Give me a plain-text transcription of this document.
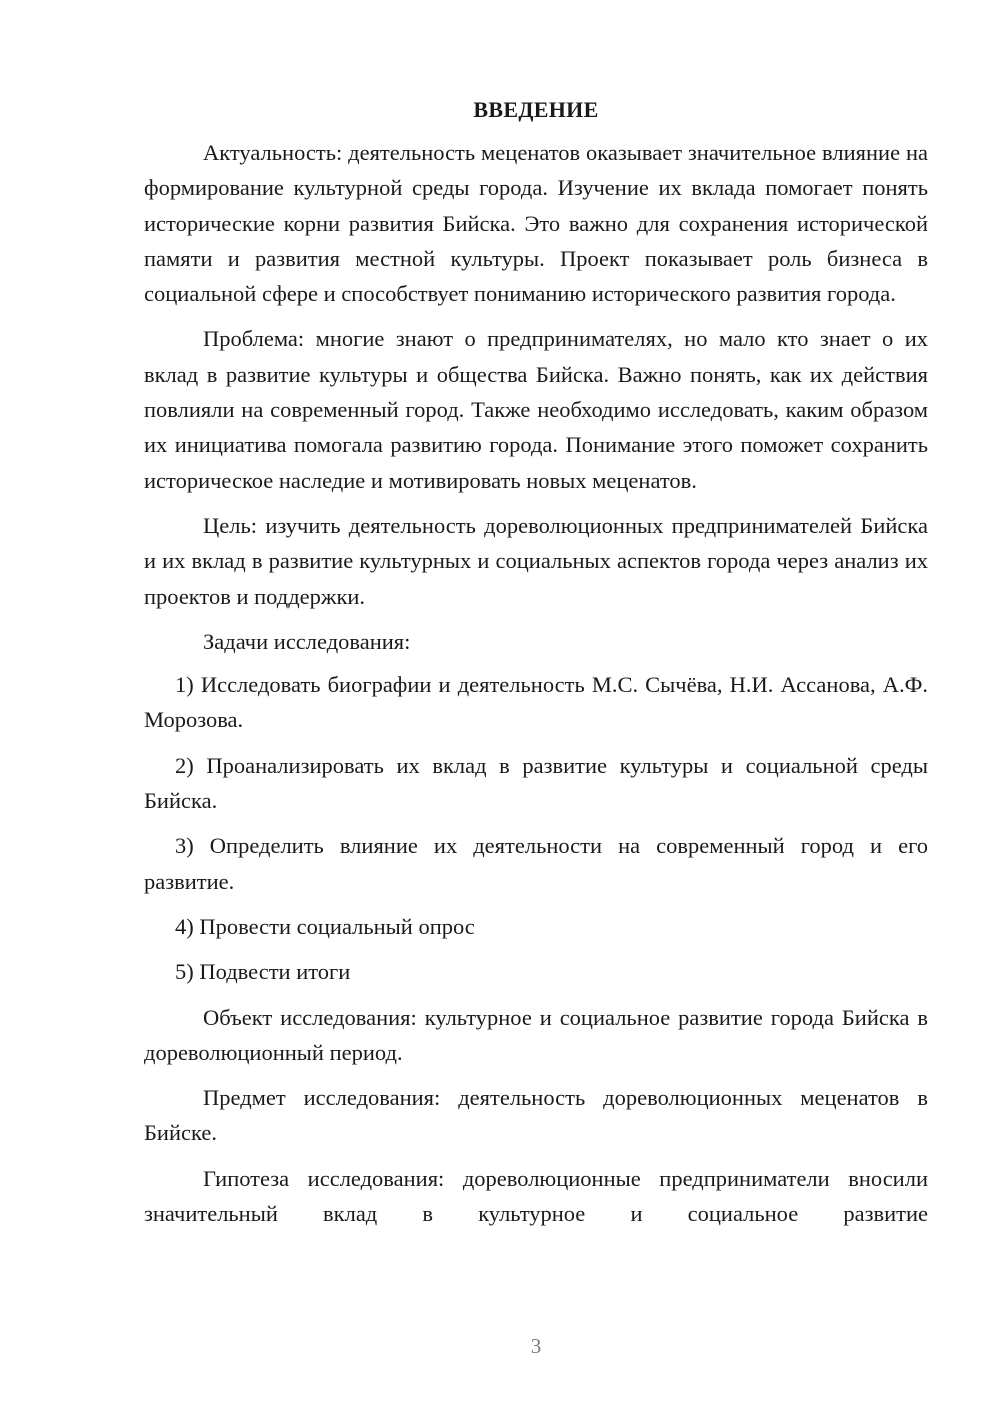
ВВЕДЕНИЕ

Актуальность: деятельность меценатов оказывает значительное влияние на формирование культурной среды города. Изучение их вклада помогает понять исторические корни развития Бийска. Это важно для сохранения исторической памяти и развития местной культуры. Проект показывает роль бизнеса в социальной сфере и способствует пониманию исторического развития города.

Проблема: многие знают о предпринимателях, но мало кто знает о их вклад в развитие культуры и общества Бийска. Важно понять, как их действия повлияли на современный город. Также необходимо исследовать, каким образом их инициатива помогала развитию города. Понимание этого поможет сохранить историческое наследие и мотивировать новых меценатов.

Цель: изучить деятельность дореволюционных предпринимателей Бийска и их вклад в развитие культурных и социальных аспектов города через анализ их проектов и поддержки.

Задачи исследования:

1) Исследовать биографии и деятельность М.С. Сычёва, Н.И. Ассанова, А.Ф. Морозова.

2) Проанализировать их вклад в развитие культуры и социальной среды Бийска.

3) Определить влияние их деятельности на современный город и его развитие.

4) Провести социальный опрос

5) Подвести итоги

Объект исследования: культурное и социальное развитие города Бийска в дореволюционный период.

Предмет исследования: деятельность дореволюционных меценатов в Бийске.

Гипотеза исследования: дореволюционные предприниматели вносили значительный вклад в культурное и социальное развитие

3
